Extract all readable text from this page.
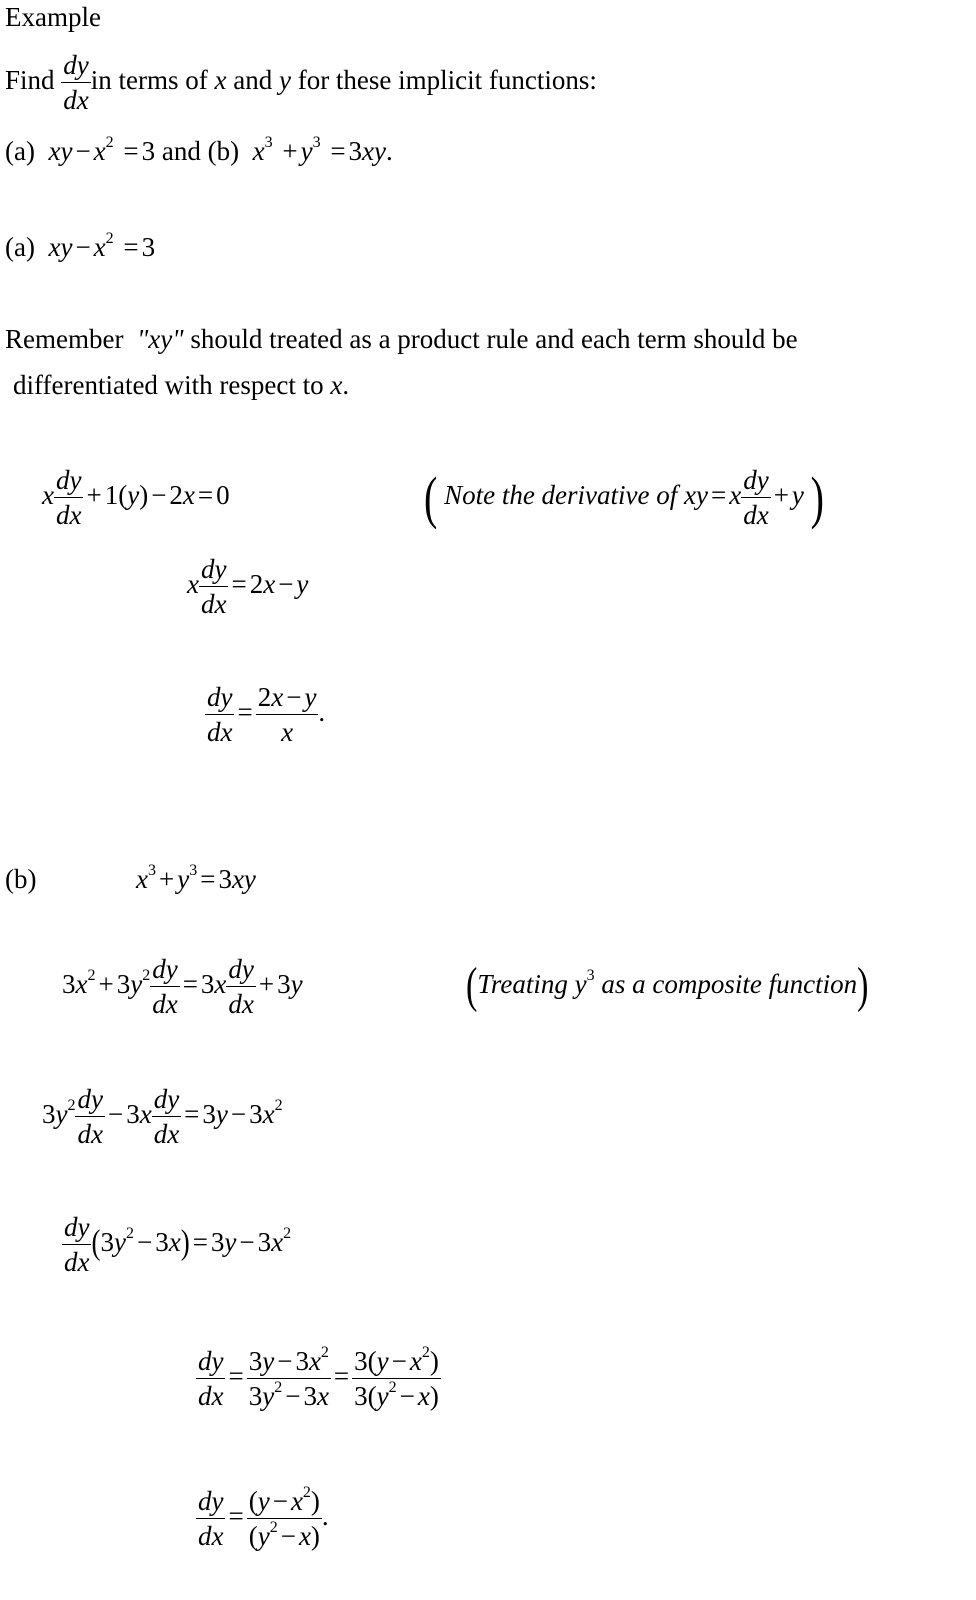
Example
Find $\frac{dy}{dx}$ in terms of x and y for these implicit functions:
(a) xy − $x^2 = 3$ and (b) $x^3 + y^3 = 3xy$.
(a) xy − $x^2 = 3$
Remember "xy" should treated as a product rule and each term should be
differentiated with respect to x.
x $\frac{dy}{dx} + 1(y) - 2x = 0$	( Note the derivative of xy = x $\frac{dy}{dx} + y$ )
x $\frac{dy}{dx} = 2x - y$
$\frac{dy}{dx} = \frac{2x - y}{x}$ .
(b)	$x^3 + y^3 = 3xy$
$3x^2 + 3y^2 \frac{dy}{dx} = 3x \frac{dy}{dx} + 3y$	(Treating $y^3$ as a composite function)
$3y^2 \frac{dy}{dx} - 3x \frac{dy}{dx} = 3y - 3x^2$
$\frac{dy}{dx} (3y^2 - 3x) = 3y - 3x^2$
$\frac{dy}{dx} = \frac{3y - 3x^2}{3y^2 - 3x} = \frac{3(y - x^2)}{3(y^2 - x)}$
$\frac{dy}{dx} = \frac{(y - x^2)}{(y^2 - x)}$ .
